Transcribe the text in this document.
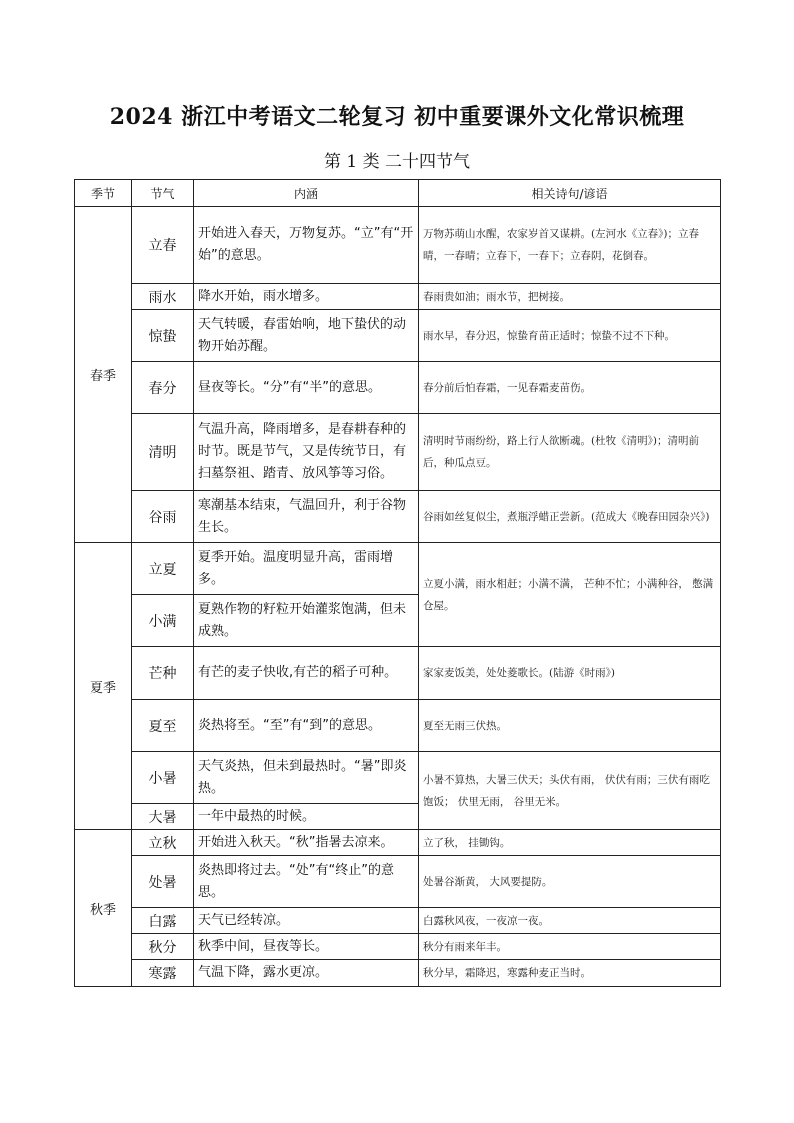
2024 浙江中考语文二轮复习 初中重要课外文化常识梳理
第 1 类 二十四节气
季节	节气	内涵	相关诗句/谚语
春季	立春	开始进入春天，万物复苏。“立”有“开始”的意思。	万物苏萌山水醒，农家岁首又谋耕。(左河水《立春》)；立春晴，一春晴；立春下，一春下；立春阴，花倒春。
	雨水	降水开始，雨水增多。	春雨贵如油；雨水节，把树接。
	惊蛰	天气转暖，春雷始响，地下蛰伏的动物开始苏醒。	雨水早，春分迟，惊蛰育苗正适时；惊蛰不过不下种。
	春分	昼夜等长。“分”有“半”的意思。	春分前后怕春霜，一见春霜麦苗伤。
	清明	气温升高，降雨增多，是春耕春种的时节。既是节气，又是传统节日，有扫墓祭祖、踏青、放风筝等习俗。	清明时节雨纷纷，路上行人欲断魂。(杜牧《清明》)；清明前后，种瓜点豆。
	谷雨	寒潮基本结束，气温回升，利于谷物生长。	谷雨如丝复似尘，煮瓶浮蜡正尝新。(范成大《晚春田园杂兴》)
夏季	立夏	夏季开始。温度明显升高，雷雨增多。	立夏小满，雨水相赶；小满不满， 芒种不忙；小满种谷， 憋满仓屋。
	小满	夏熟作物的籽粒开始灌浆饱满，但未成熟。	
	芒种	有芒的麦子快收,有芒的稻子可种。	家家麦饭美，处处菱歌长。(陆游《时雨》)
	夏至	炎热将至。“至”有“到”的意思。	夏至无雨三伏热。
	小暑	天气炎热，但未到最热时。“暑”即炎热。	小暑不算热，大暑三伏天；头伏有雨， 伏伏有雨；三伏有雨吃饱饭； 伏里无雨， 谷里无米。
	大暑	一年中最热的时候。	
秋季	立秋	开始进入秋天。“秋”指暑去凉来。	立了秋， 挂锄钩。
	处暑	炎热即将过去。“处”有“终止”的意思。	处暑谷渐黄， 大风要提防。
	白露	天气已经转凉。	白露秋风夜，一夜凉一夜。
	秋分	秋季中间，昼夜等长。	秋分有雨来年丰。
	寒露	气温下降，露水更凉。	秋分早，霜降迟，寒露种麦正当时。
